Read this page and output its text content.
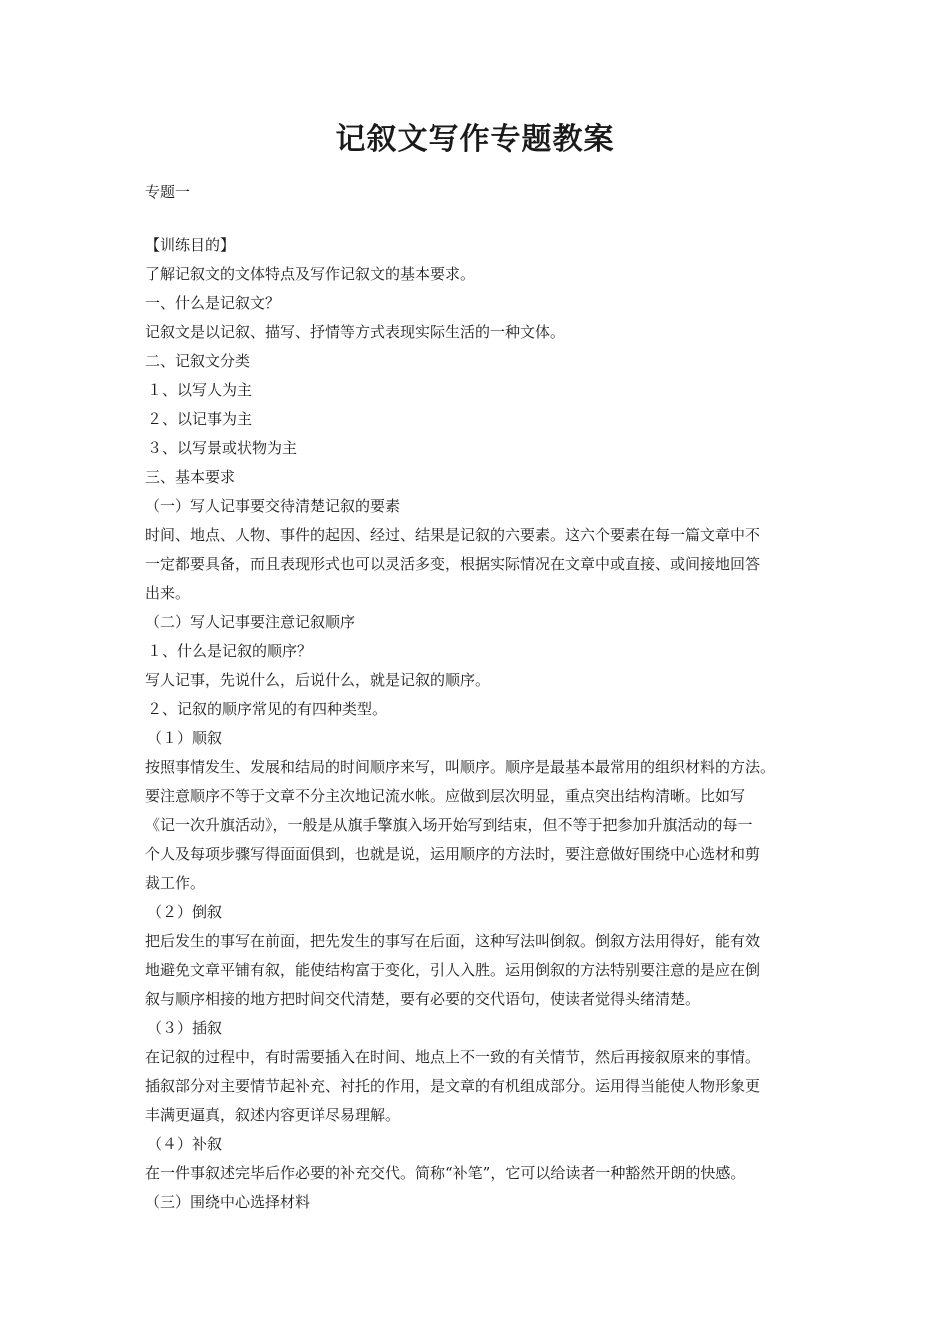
记叙文写作专题教案
专题一
【训练目的】
了解记叙文的文体特点及写作记叙文的基本要求。
一、什么是记叙文？
记叙文是以记叙、描写、抒情等方式表现实际生活的一种文体。
二、记叙文分类
１、以写人为主
２、以记事为主
３、以写景或状物为主
三、基本要求
（一）写人记事要交待清楚记叙的要素
时间、地点、人物、事件的起因、经过、结果是记叙的六要素。这六个要素在每一篇文章中不
一定都要具备，而且表现形式也可以灵活多变，根据实际情况在文章中或直接、或间接地回答
出来。
（二）写人记事要注意记叙顺序
１、什么是记叙的顺序？
写人记事，先说什么，后说什么，就是记叙的顺序。
２、记叙的顺序常见的有四种类型。
（１）顺叙
按照事情发生、发展和结局的时间顺序来写，叫顺序。顺序是最基本最常用的组织材料的方法。
要注意顺序不等于文章不分主次地记流水帐。应做到层次明显，重点突出结构清晰。比如写
《记一次升旗活动》，一般是从旗手擎旗入场开始写到结束，但不等于把参加升旗活动的每一
个人及每项步骤写得面面俱到，也就是说，运用顺序的方法时，要注意做好围绕中心选材和剪
裁工作。
（２）倒叙
把后发生的事写在前面，把先发生的事写在后面，这种写法叫倒叙。倒叙方法用得好，能有效
地避免文章平铺有叙，能使结构富于变化，引人入胜。运用倒叙的方法特别要注意的是应在倒
叙与顺序相接的地方把时间交代清楚，要有必要的交代语句，使读者觉得头绪清楚。
（３）插叙
在记叙的过程中，有时需要插入在时间、地点上不一致的有关情节，然后再接叙原来的事情。
插叙部分对主要情节起补充、衬托的作用，是文章的有机组成部分。运用得当能使人物形象更
丰满更逼真，叙述内容更详尽易理解。
（４）补叙
在一件事叙述完毕后作必要的补充交代。简称“补笔”，它可以给读者一种豁然开朗的快感。
（三）围绕中心选择材料
